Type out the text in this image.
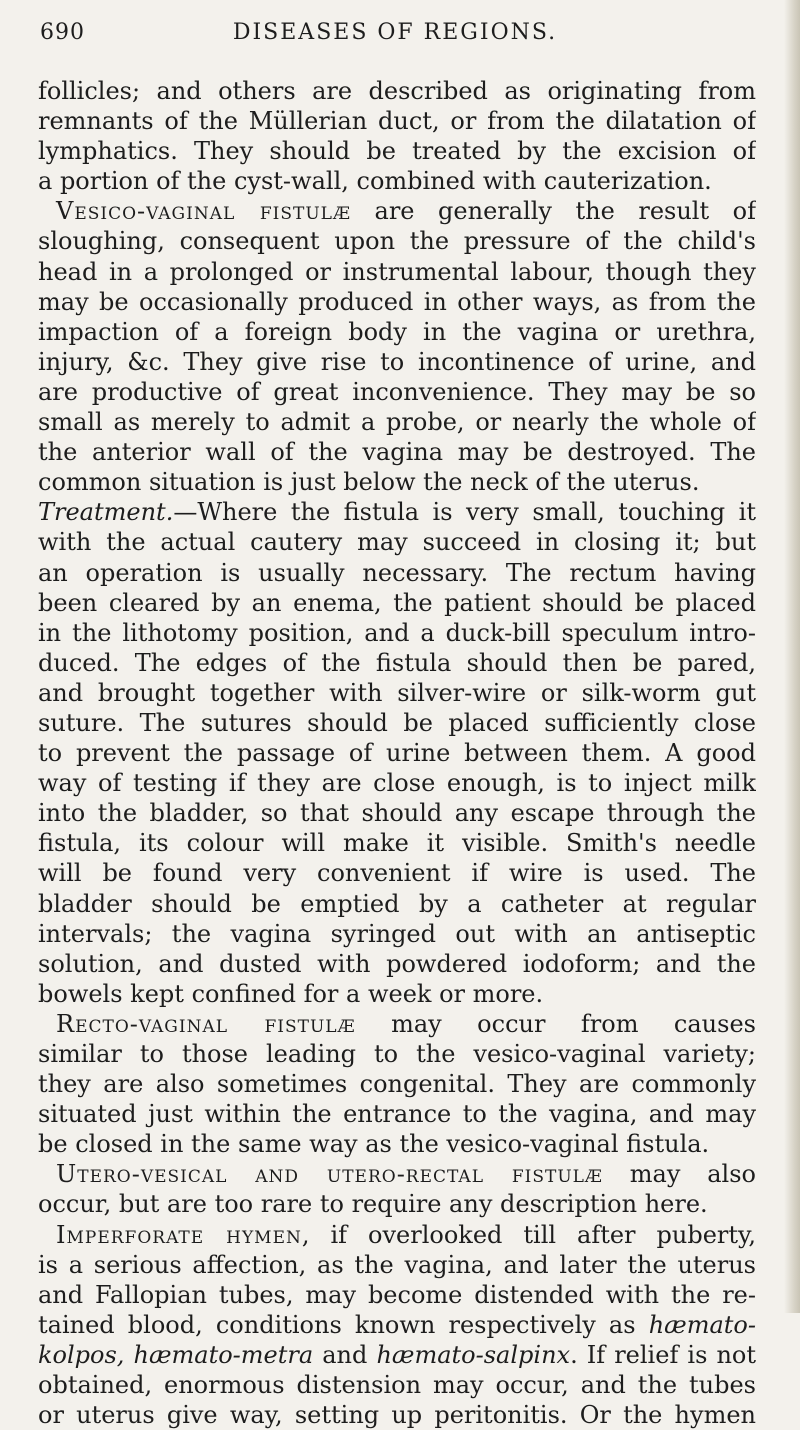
690	DISEASES OF REGIONS.
follicles; and others are described as originating from
remnants of the Müllerian duct, or from the dilatation of
lymphatics. They should be treated by the excision of
a portion of the cyst-wall, combined with cauterization.
Vesico-vaginal fistulæ are generally the result of
sloughing, consequent upon the pressure of the child's
head in a prolonged or instrumental labour, though they
may be occasionally produced in other ways, as from the
impaction of a foreign body in the vagina or urethra,
injury, &c. They give rise to incontinence of urine, and
are productive of great inconvenience. They may be so
small as merely to admit a probe, or nearly the whole of
the anterior wall of the vagina may be destroyed. The
common situation is just below the neck of the uterus.
Treatment.—Where the fistula is very small, touching it
with the actual cautery may succeed in closing it; but
an operation is usually necessary. The rectum having
been cleared by an enema, the patient should be placed
in the lithotomy position, and a duck-bill speculum intro-
duced. The edges of the fistula should then be pared,
and brought together with silver-wire or silk-worm gut
suture. The sutures should be placed sufficiently close
to prevent the passage of urine between them. A good
way of testing if they are close enough, is to inject milk
into the bladder, so that should any escape through the
fistula, its colour will make it visible. Smith's needle
will be found very convenient if wire is used. The
bladder should be emptied by a catheter at regular
intervals; the vagina syringed out with an antiseptic
solution, and dusted with powdered iodoform; and the
bowels kept confined for a week or more.
Recto-vaginal fistulæ may occur from causes
similar to those leading to the vesico-vaginal variety;
they are also sometimes congenital. They are commonly
situated just within the entrance to the vagina, and may
be closed in the same way as the vesico-vaginal fistula.
Utero-vesical and utero-rectal fistulæ may also
occur, but are too rare to require any description here.
Imperforate hymen, if overlooked till after puberty,
is a serious affection, as the vagina, and later the uterus
and Fallopian tubes, may become distended with the re-
tained blood, conditions known respectively as hæmato-
kolpos, hæmato-metra and hæmato-salpinx. If relief is not
obtained, enormous distension may occur, and the tubes
or uterus give way, setting up peritonitis. Or the hymen
